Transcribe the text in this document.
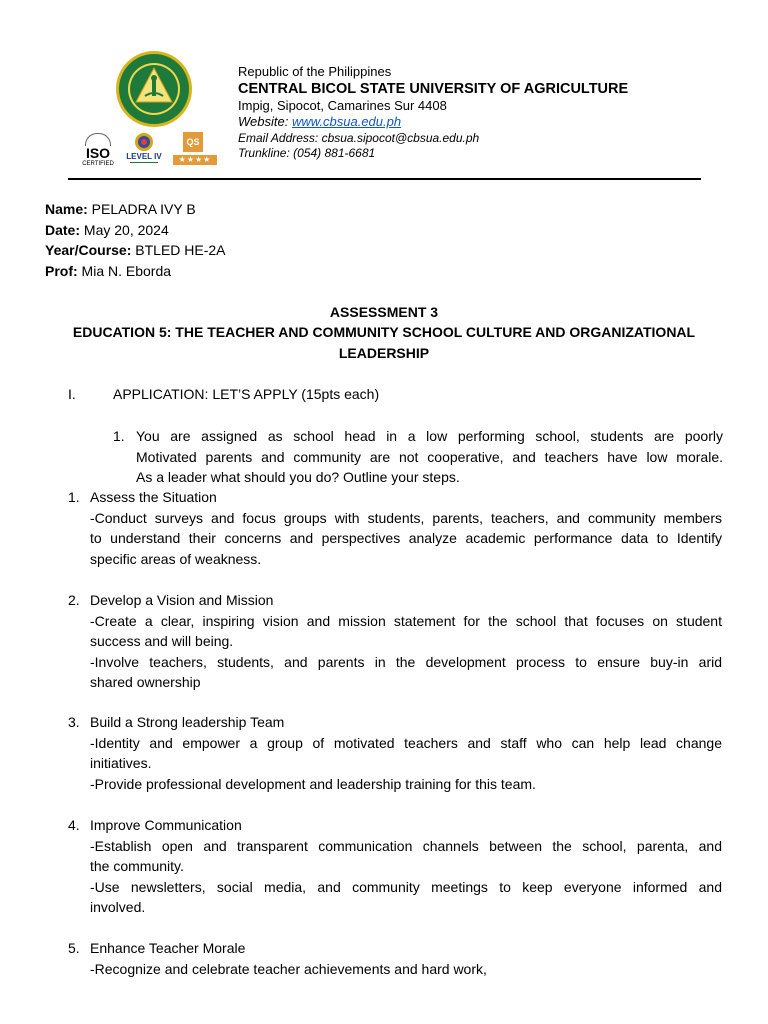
ISO
CERTIFIED
LEVEL IV
QS
★★★★
Republic of the Philippines
CENTRAL BICOL STATE UNIVERSITY OF AGRICULTURE
Impig, Sipocot, Camarines Sur 4408
Website: www.cbsua.edu.ph
Email Address: cbsua.sipocot@cbsua.edu.ph
Trunkline: (054) 881-6681
Name: PELADRA IVY B
Date: May 20, 2024
Year/Course: BTLED HE-2A
Prof: Mia N. Eborda
ASSESSMENT 3
EDUCATION 5: THE TEACHER AND COMMUNITY SCHOOL CULTURE AND ORGANIZATIONAL
LEADERSHIP
I.	APPLICATION: LET’S APPLY (15pts each)
1. You are assigned as school head in a low performing school, students are poorly
Motivated parents and community are not cooperative, and teachers have low morale.
As a leader what should you do? Outline your steps.
1. Assess the Situation
-Conduct surveys and focus groups with students, parents, teachers, and community members
to understand their concerns and perspectives analyze academic performance data to Identify
specific areas of weakness.
2. Develop a Vision and Mission
-Create a clear, inspiring vision and mission statement for the school that focuses on student
success and will being.
-Involve teachers, students, and parents in the development process to ensure buy-in arid
shared ownership
3. Build a Strong leadership Team
-Identity and empower a group of motivated teachers and staff who can help lead change
initiatives.
-Provide professional development and leadership training for this team.
4. Improve Communication
-Establish open and transparent communication channels between the school, parenta, and
the community.
-Use newsletters, social media, and community meetings to keep everyone informed and
involved.
5. Enhance Teacher Morale
-Recognize and celebrate teacher achievements and hard work,
